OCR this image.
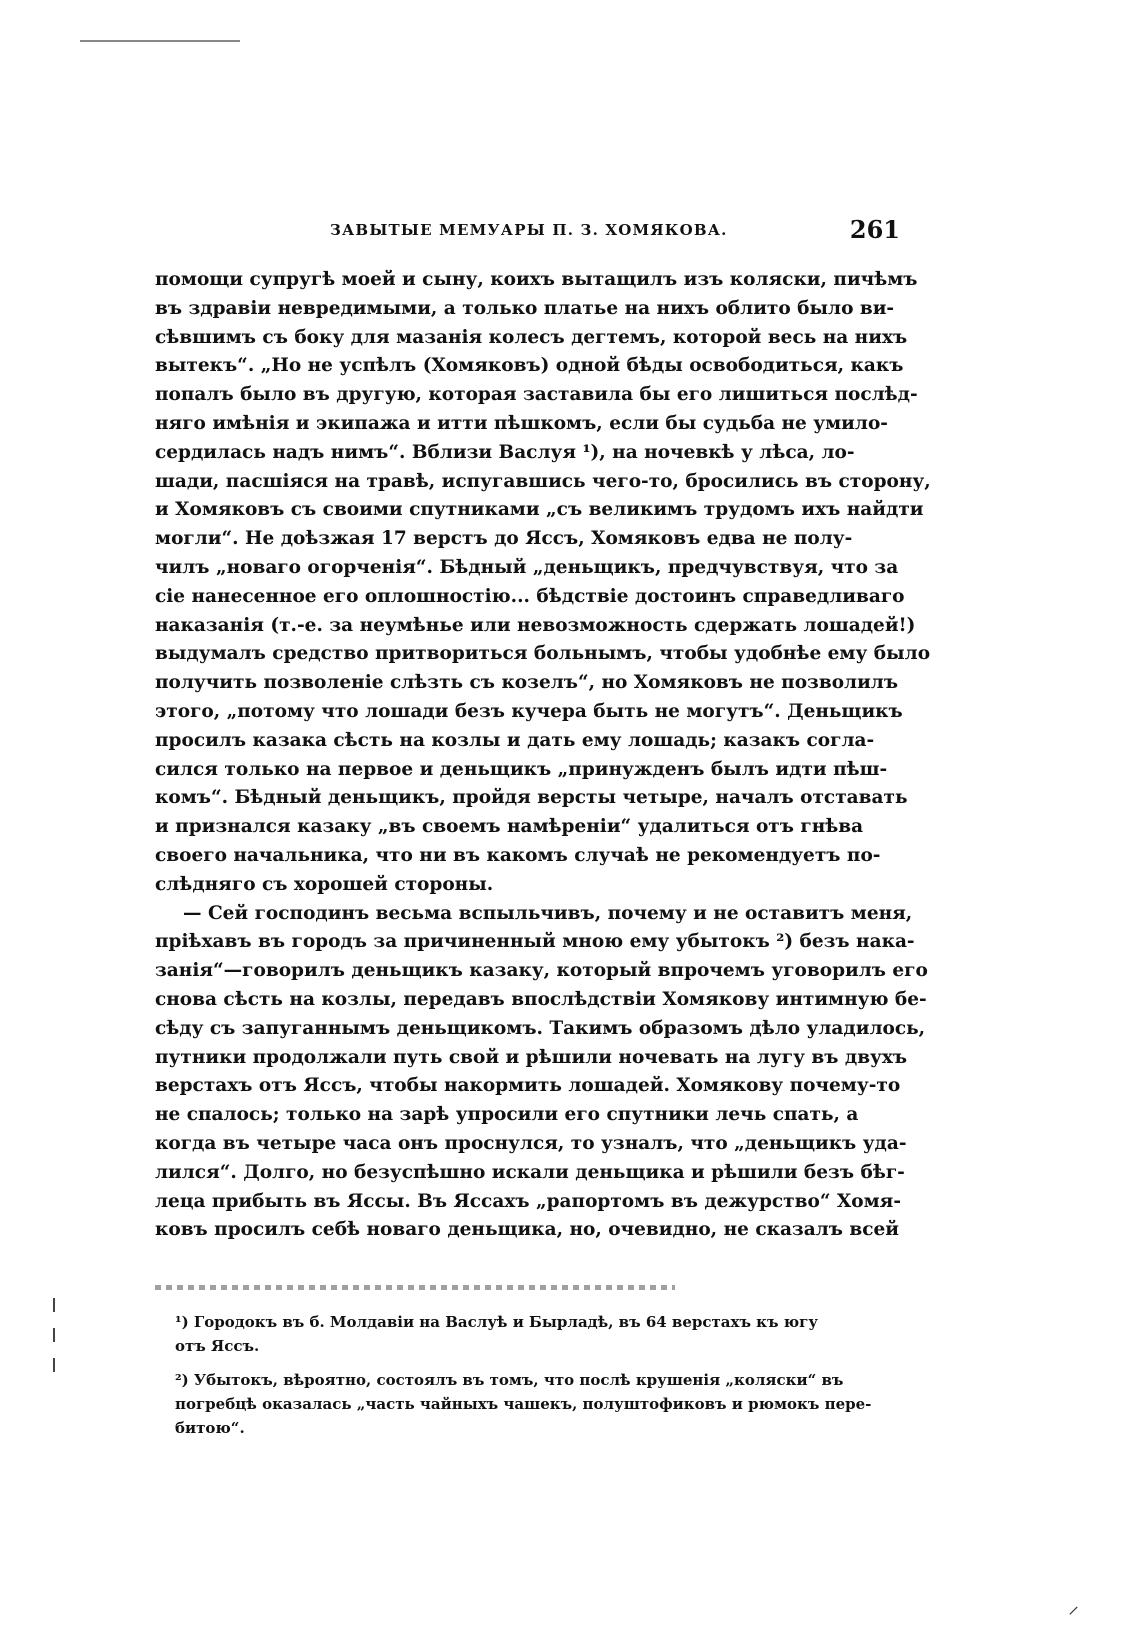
ЗАВЫТЫЕ МЕМУАРЫ П. З. ХОМЯКОВА.	261
помощи супругѣ моей и сыну, коихъ вытащилъ изъ коляски, пичѣмъ
въ здравіи невредимыми, а только платье на нихъ облито было ви-
сѣвшимъ съ боку для мазанія колесъ дегтемъ, которой весь на нихъ
вытекъ“. „Но не успѣлъ (Хомяковъ) одной бѣды освободиться, какъ
попалъ было въ другую, которая заставила бы его лишиться послѣд-
няго имѣнія и экипажа и итти пѣшкомъ, если бы судьба не умило-
сердилась надъ нимъ“. Вблизи Васлуя ¹), на ночевкѣ у лѣса, ло-
шади, пасшіяся на травѣ, испугавшись чего-то, бросились въ сторону,
и Хомяковъ съ своими спутниками „съ великимъ трудомъ ихъ найдти
могли“. Не доѣзжая 17 верстъ до Яссъ, Хомяковъ едва не полу-
чилъ „новаго огорченія“. Бѣдный „деньщикъ, предчувствуя, что за
сіе нанесенное его оплошностію... бѣдствіе достоинъ справедливаго
наказанія (т.-е. за неумѣнье или невозможность сдержать лошадей!)
выдумалъ средство притвориться больнымъ, чтобы удобнѣе ему было
получить позволеніе слѣзть съ козелъ“, но Хомяковъ не позволилъ
этого, „потому что лошади безъ кучера быть не могутъ“. Деньщикъ
просилъ казака сѣсть на козлы и дать ему лошадь; казакъ согла-
сился только на первое и деньщикъ „принужденъ былъ идти пѣш-
комъ“. Бѣдный деньщикъ, пройдя версты четыре, началъ отставать
и признался казаку „въ своемъ намѣреніи“ удалиться отъ гнѣва
своего начальника, что ни въ какомъ случаѣ не рекомендуетъ по-
слѣдняго съ хорошей стороны.
— Сей господинъ весьма вспыльчивъ, почему и не оставитъ меня,
пріѣхавъ въ городъ за причиненный мною ему убытокъ ²) безъ нака-
занія“—говорилъ деньщикъ казаку, который впрочемъ уговорилъ его
снова сѣсть на козлы, передавъ впослѣдствіи Хомякову интимную бе-
сѣду съ запуганнымъ деньщикомъ. Такимъ образомъ дѣло уладилось,
путники продолжали путь свой и рѣшили ночевать на лугу въ двухъ
верстахъ отъ Яссъ, чтобы накормить лошадей. Хомякову почему-то
не спалось; только на зарѣ упросили его спутники лечь спать, а
когда въ четыре часа онъ проснулся, то узналъ, что „деньщикъ уда-
лился“. Долго, но безуспѣшно искали деньщика и рѣшили безъ бѣг-
леца прибыть въ Яссы. Въ Яссахъ „рапортомъ въ дежурство“ Хомя-
ковъ просилъ себѣ новаго деньщика, но, очевидно, не сказалъ всей
¹) Городокъ въ б. Молдавіи на Васлуѣ и Бырладѣ, въ 64 верстахъ къ югу
отъ Яссъ.
²) Убытокъ, вѣроятно, состоялъ въ томъ, что послѣ крушенія „коляски“ въ
погребцѣ оказалась „часть чайныхъ чашекъ, полуштофиковъ и рюмокъ пере-
битою“.
⸝
